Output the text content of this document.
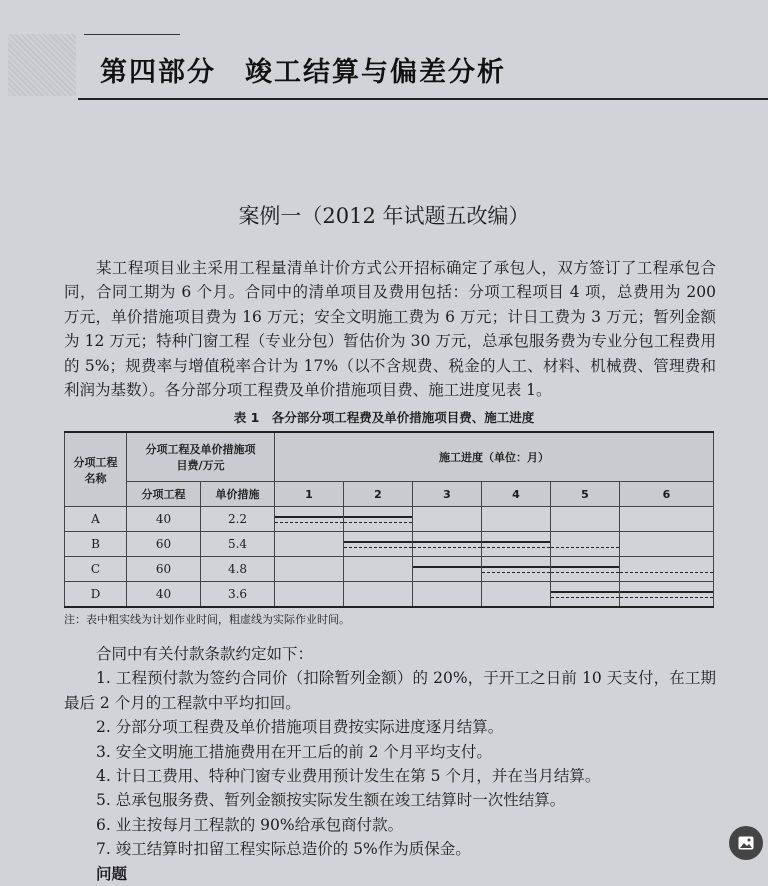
第四部分　竣工结算与偏差分析
案例一（2012 年试题五改编）
某工程项目业主采用工程量清单计价方式公开招标确定了承包人，双方签订了工程承包合同，合同工期为 6 个月。合同中的清单项目及费用包括：分项工程项目 4 项，总费用为 200 万元，单价措施项目费为 16 万元；安全文明施工费为 6 万元；计日工费为 3 万元；暂列金额为 12 万元；特种门窗工程（专业分包）暂估价为 30 万元，总承包服务费为专业分包工程费用的 5%；规费率与增值税率合计为 17%（以不含规费、税金的人工、材料、机械费、管理费和利润为基数）。各分部分项工程费及单价措施项目费、施工进度见表 1。
表 1　各分部分项工程费及单价措施项目费、施工进度
分项工程名称	分项工程及单价措施项目费/万元		施工进度（单位：月）					
	分项工程	单价措施	1	2	3	4	5	6
A	40	2.2	

B	60	5.4		

C	60	4.8			

D	40	3.6					

注：表中粗实线为计划作业时间，粗虚线为实际作业时间。
合同中有关付款条款约定如下：
1. 工程预付款为签约合同价（扣除暂列金额）的 20%，于开工之日前 10 天支付，在工期最后 2 个月的工程款中平均扣回。
2. 分部分项工程费及单价措施项目费按实际进度逐月结算。
3. 安全文明施工措施费用在开工后的前 2 个月平均支付。
4. 计日工费用、特种门窗专业费用预计发生在第 5 个月，并在当月结算。
5. 总承包服务费、暂列金额按实际发生额在竣工结算时一次性结算。
6. 业主按每月工程款的 90%给承包商付款。
7. 竣工结算时扣留工程实际总造价的 5%作为质保金。
问题
